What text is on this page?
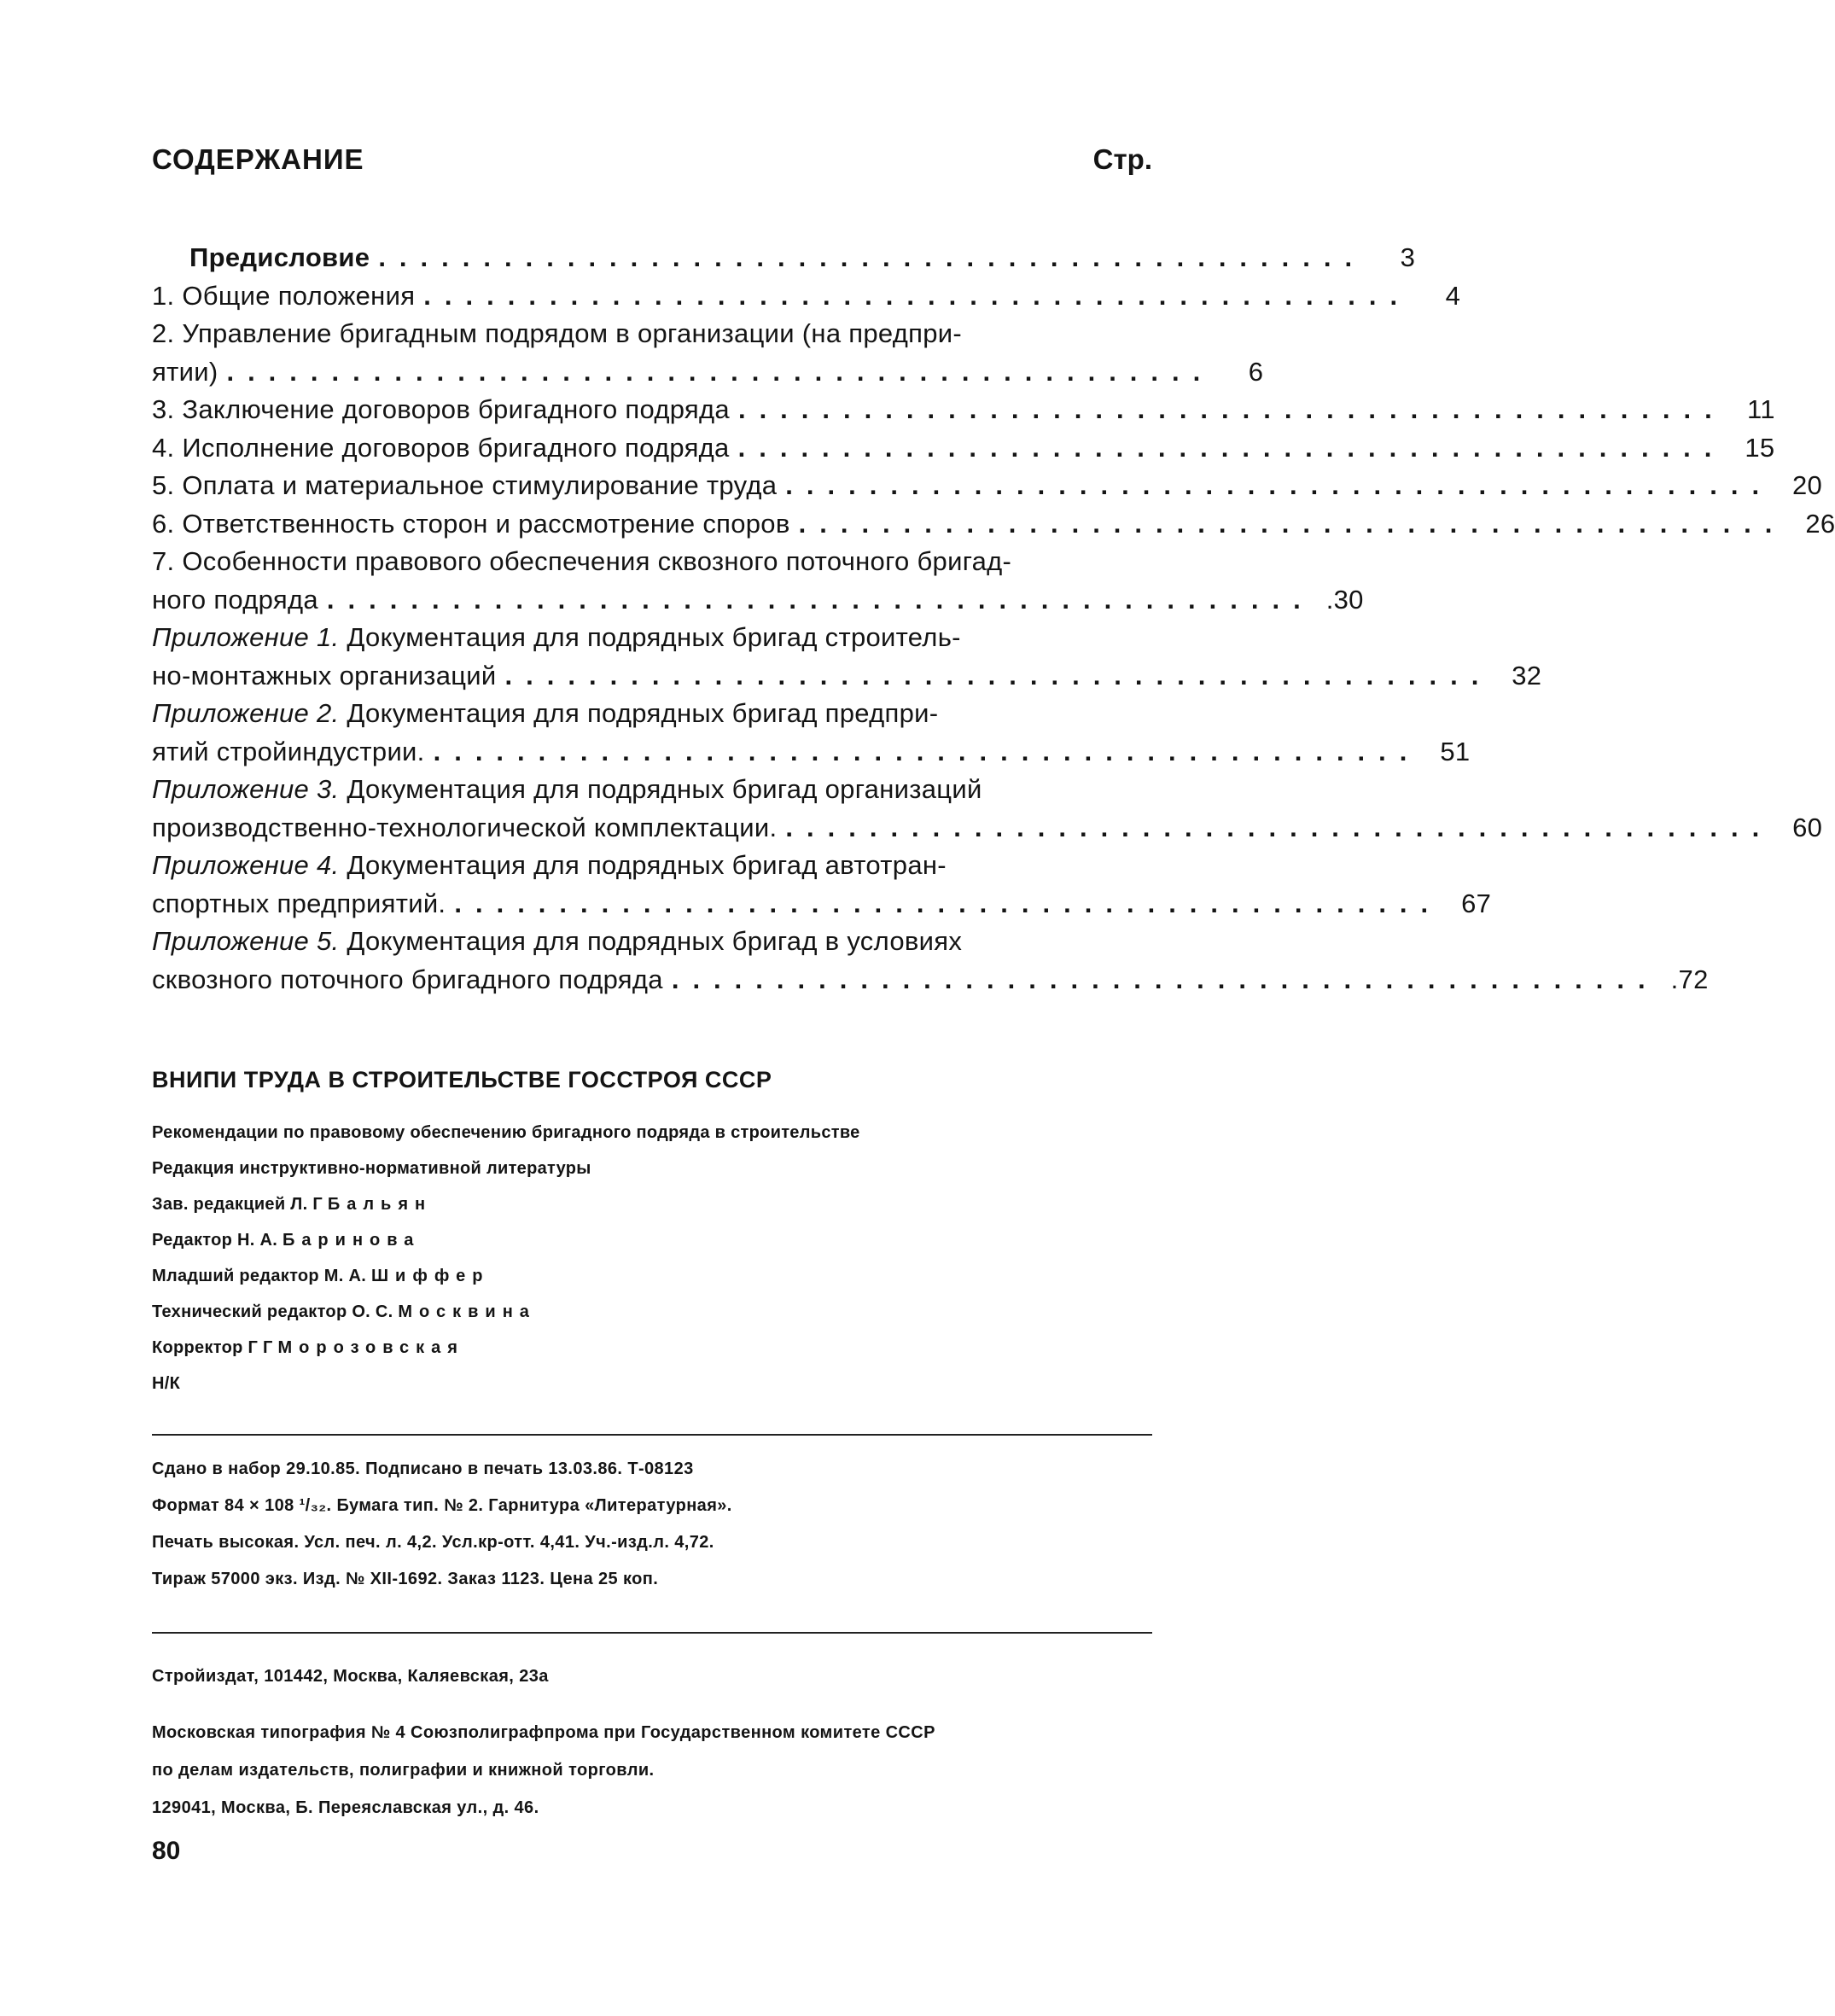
СОДЕРЖАНИЕ	Стр.
Предисловие ...............................................	3
1. Общие положения ...............................................	4
2. Управление бригадным подрядом в организации (на предпри-
ятии) ...............................................	6
3. Заключение договоров бригадного подряда ............................................... 11
4. Исполнение договоров бригадного подряда ............................................... 15
5. Оплата и материальное стимулирование труда ............................................... 20
6. Ответственность сторон и рассмотрение споров ............................................... 26
7. Особенности правового обеспечения сквозного поточного бригад-
ного подряда ............................................... .30
Приложение 1. Документация для подрядных бригад строитель-
но-монтажных организаций ............................................... 32
Приложение 2. Документация для подрядных бригад предпри-
ятий стройиндустрии. ............................................... 51
Приложение 3. Документация для подрядных бригад организаций
производственно-технологической комплектации. ............................................... 60
Приложение 4. Документация для подрядных бригад автотран-
спортных предприятий. ............................................... 67
Приложение 5. Документация для подрядных бригад в условиях
сквозного поточного бригадного подряда ............................................... .72
ВНИПИ ТРУДА В СТРОИТЕЛЬСТВЕ ГОССТРОЯ СССР
Рекомендации по правовому обеспечению бригадного подряда в строительстве
Редакция инструктивно-нормативной литературы
Зав. редакцией Л. Г Бальян
Редактор Н. А. Баринова
Младший редактор М. А. Шиффер
Технический редактор О. С. Москвина
Корректор Г Г Морозовская
Н/К
Сдано в набор 29.10.85. Подписано в печать 13.03.86. Т-08123
Формат 84 × 108 ¹/₃₂. Бумага тип. № 2. Гарнитура «Литературная».
Печать высокая. Усл. печ. л. 4,2. Усл.кр-отт. 4,41. Уч.-изд.л. 4,72.
Тираж 57000 экз. Изд. № XII-1692. Заказ 1123. Цена 25 коп.
Стройиздат, 101442, Москва, Каляевская, 23а
Московская типография № 4 Союзполиграфпрома при Государственном комитете СССР
по делам издательств, полиграфии и книжной торговли.
129041, Москва, Б. Переяславская ул., д. 46.
80
